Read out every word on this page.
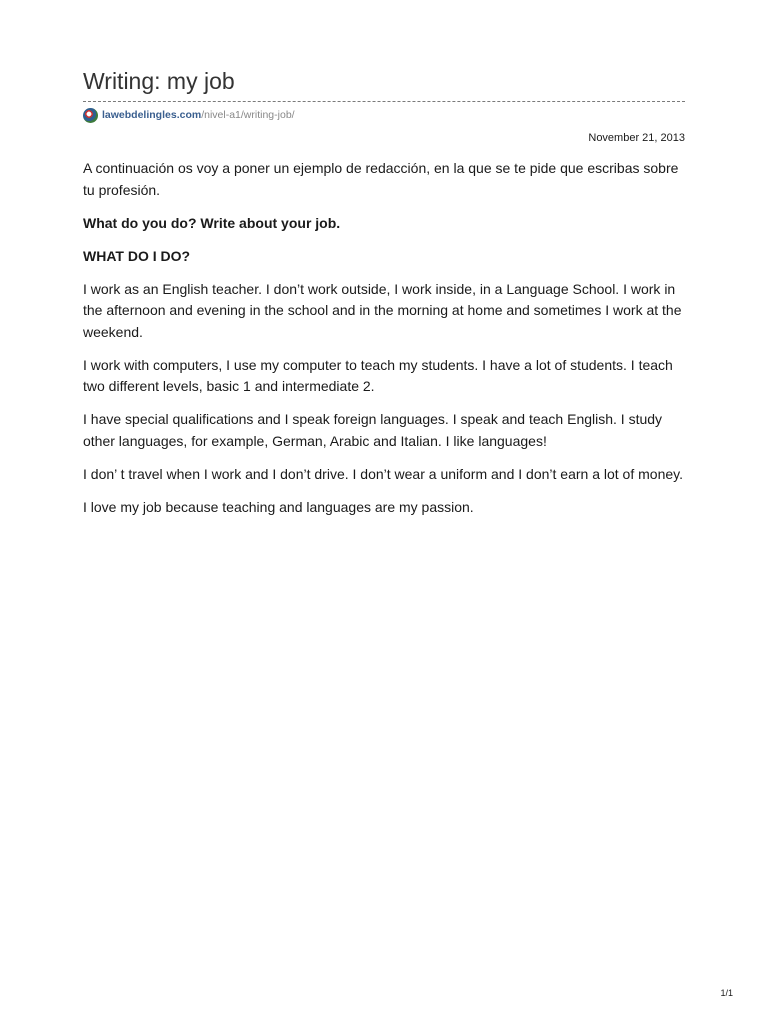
Writing: my job
lawebdelingles.com /nivel-a1/writing-job/
November 21, 2013

A continuación os voy a poner un ejemplo de redacción, en la que se te pide que escribas sobre tu profesión.

What do you do? Write about your job.

WHAT DO I DO?

I work as an English teacher. I don’t work outside, I work inside, in a Language School. I work in the afternoon and evening in the school and in the morning at home and sometimes I work at the weekend.

I work with computers, I use my computer to teach my students. I have a lot of students. I teach two different levels, basic 1 and intermediate 2.

I have special qualifications and I speak foreign languages. I speak and teach English. I study other languages, for example, German, Arabic and Italian. I like languages!

I don’ t travel when I work and I don’t drive. I don’t wear a uniform and I don’t earn a lot of money.

I love my job because teaching and languages are my passion.

1/1
